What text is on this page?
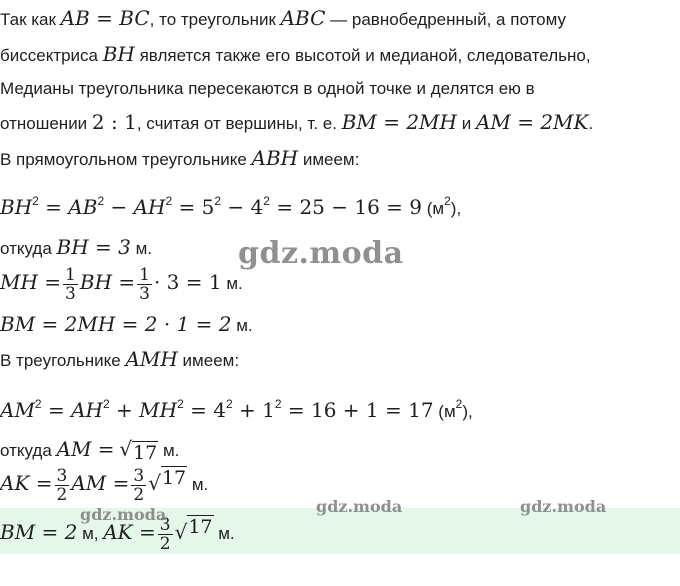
Так как AB = BC, то треугольник ABC — равнобедренный, а потому
биссектриса BH является также его высотой и медианой, следовательно,
Медианы треугольника пересекаются в одной точке и делятся ею в
отношении 2 : 1, считая от вершины, т. е. BM = 2MH и AM = 2MK.
В прямоугольном треугольнике ABH имеем:
$BH^2 = AB^2 - AH^2 = 5^2 - 4^2 = 25 - 16 = 9$ $(м^2)$,
откуда BH = 3 м.
MH = $\frac{1}{3}$ BH = $\frac{1}{3} \cdot 3 = 1$ м.
BM = 2MH = 2 · 1 = 2 м.
В треугольнике AMH имеем:
$AM^2 = AH^2 + MH^2 = 4^2 + 1^2 = 16 + 1 = 17$ $(м^2)$,
откуда AM = √ 17 м.
AK = $\frac{3}{2}$ AM = $\frac{3}{2}$ √ 17 м.
BM = 2 м, AK = $\frac{3}{2}$ √ 17 м.
gdz.moda
gdz.moda	gdz.moda	gdz.moda
